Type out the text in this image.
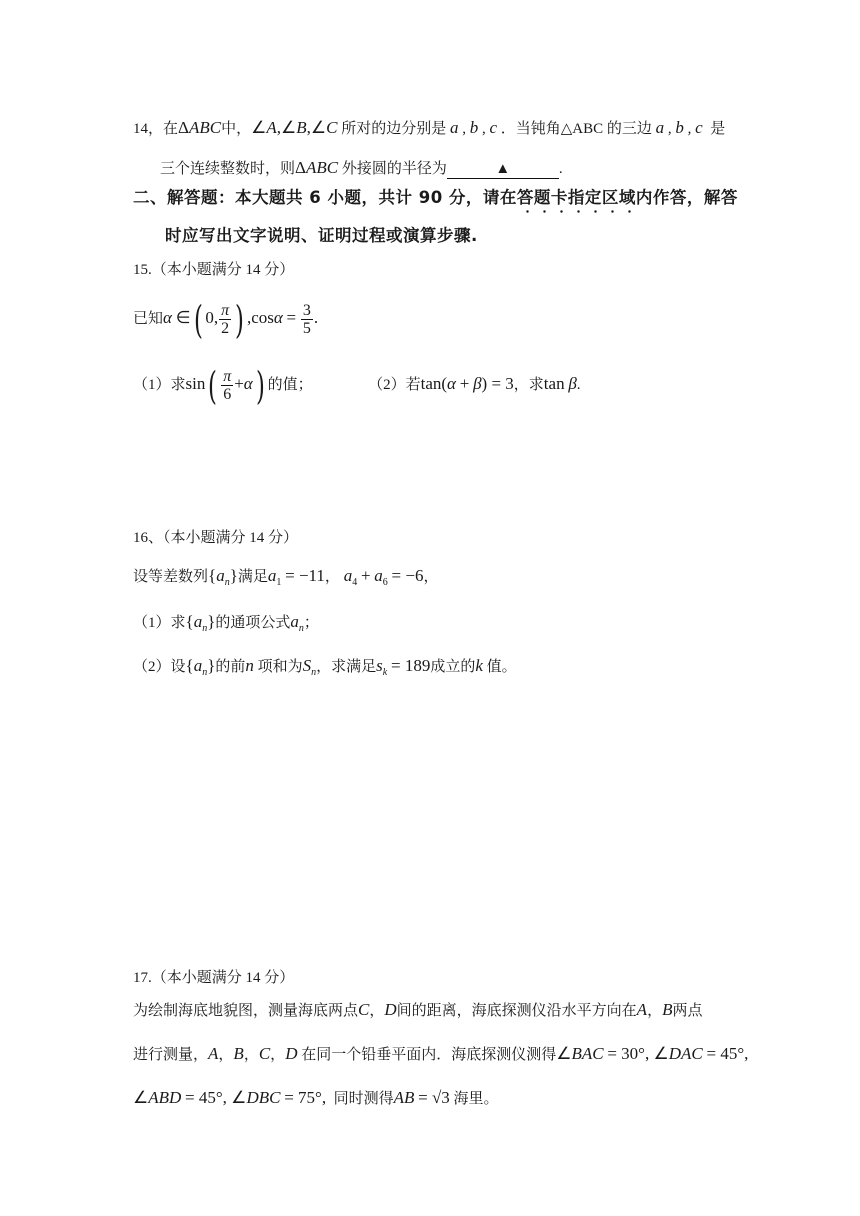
14，在ΔABC中，∠A,∠B,∠C 所对的边分别是 a , b , c ．当钝角△ABC 的三边 a , b , c 是
三个连续整数时，则ΔABC 外接圆的半径为	▲	.
二、解答题：本大题共 6 小题，共计 90 分，请在答题卡指定区域内作答，解答
时应写出文字说明、证明过程或演算步骤.
15.（本小题满分 14 分）
已知α ∈( 0, $\frac{\pi}{2}$ ) $,\cos\alpha = \frac{3}{5}$ .
（1）求$\sin( \frac{\pi}{6} +\alpha)$ 的值；	（2）若tan(α + β) = 3，求tan β.
16、（本小题满分 14 分）
设等差数列$\{a_n\}$满足$a_1 = -11$， $a_4 + a_6 = -6$，
（1）求$\{a_n\}$的通项公式$a_n$；
（2）设$\{a_n\}$的前n 项和为$S_n$，求满足$s_k = 189$成立的k 值。
17.（本小题满分 14 分）
为绘制海底地貌图，测量海底两点C，D间的距离，海底探测仪沿水平方向在A，B两点
进行测量，A，B，C，D 在同一个铅垂平面内．海底探测仪测得∠BAC = 30°, ∠DAC = 45°,
∠ABD = 45°, ∠DBC = 75°, 同时测得AB = √3 海里。
